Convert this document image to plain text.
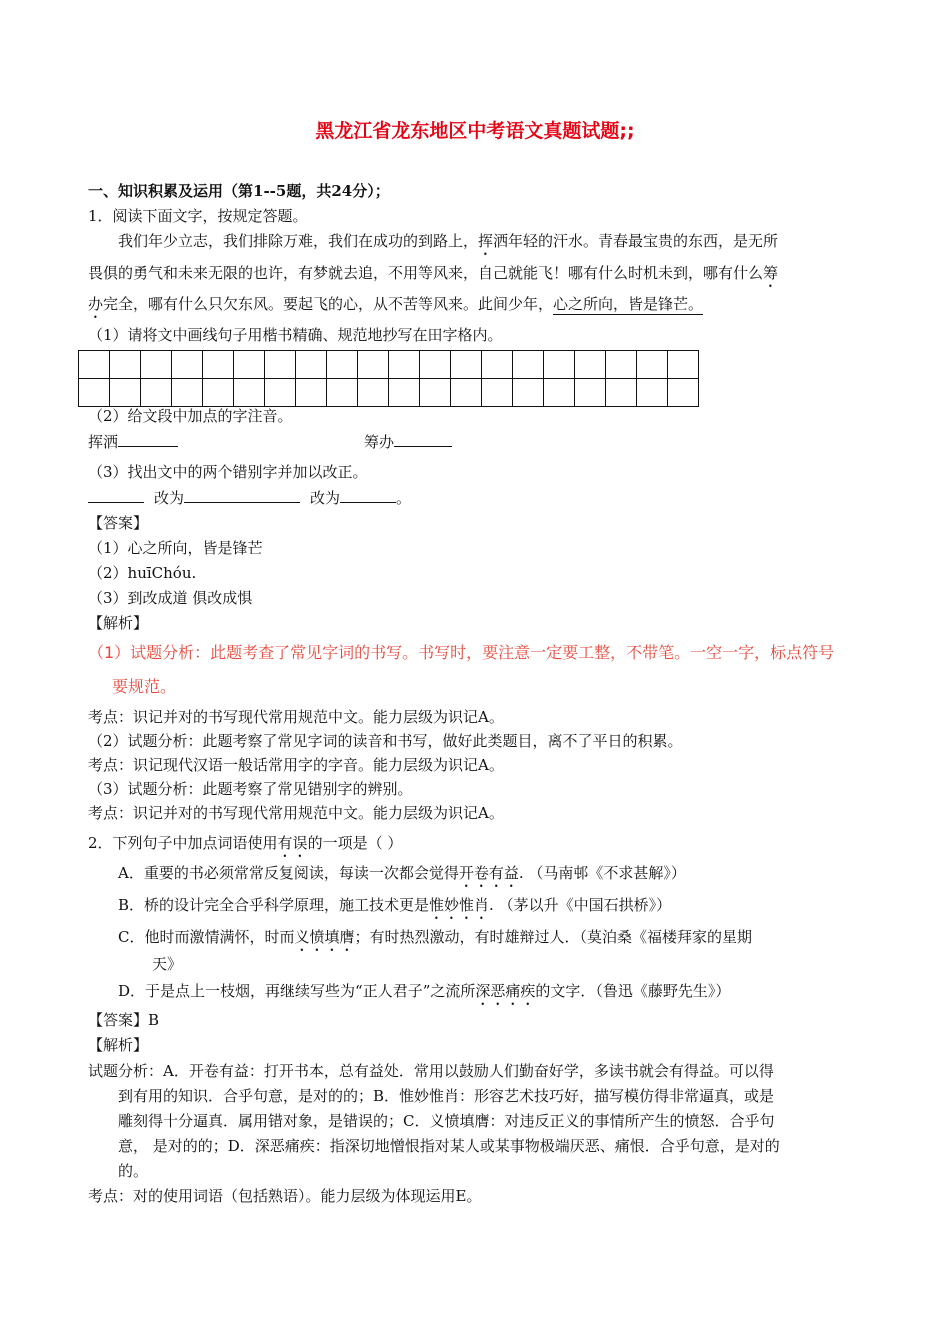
黑龙江省龙东地区中考语文真题试题;;
一、知识积累及运用（第1--5题，共24分）；
1．阅读下面文字，按规定答题。
我们年少立志，我们排除万难，我们在成功的到路上，挥洒年轻的汗水。青春最宝贵的东西，是无所
畏俱的勇气和未来无限的也许，有梦就去追，不用等风来，自己就能飞！哪有什么时机未到，哪有什么筹
办完全，哪有什么只欠东风。要起飞的心，从不苦等风来。此间少年，心之所向，皆是锋芒。
（1）请将文中画线句子用楷书精确、规范地抄写在田字格内。

（2）给文段中加点的字注音。
挥洒	筹办
（3）找出文中的两个错别字并加以改正。
改为	改为	。
【答案】
（1）心之所向，皆是锋芒
（2）huīChóu.
（3）到改成道 俱改成惧
【解析】
（1）试题分析：此题考查了常见字词的书写。书写时，要注意一定要工整，不带笔。一空一字，标点符号
要规范。
考点：识记并对的书写现代常用规范中文。能力层级为识记A。
（2）试题分析：此题考察了常见字词的读音和书写，做好此类题目，离不了平日的积累。
考点：识记现代汉语一般话常用字的字音。能力层级为识记A。
（3）试题分析：此题考察了常见错别字的辨别。
考点：识记并对的书写现代常用规范中文。能力层级为识记A。
2．下列句子中加点词语使用有误的一项是（ ）
A．重要的书必须常常反复阅读，每读一次都会觉得开卷有益. （马南邨《不求甚解》）
B．桥的设计完全合乎科学原理，施工技术更是惟妙惟肖. （茅以升《中国石拱桥》）
C．他时而激情满怀，时而义愤填膺；有时热烈激动，有时雄辩过人．（莫泊桑《福楼拜家的星期
天》
D．于是点上一枝烟，再继续写些为“正人君子”之流所深恶痛疾的文字．（鲁迅《藤野先生》）
【答案】B
【解析】
试题分析：A．开卷有益：打开书本，总有益处．常用以鼓励人们勤奋好学，多读书就会有得益。可以得
到有用的知识．合乎句意，是对的的；B．惟妙惟肖：形容艺术技巧好，描写模仿得非常逼真，或是
雕刻得十分逼真．属用错对象，是错误的；C．义愤填膺：对违反正义的事情所产生的愤怒．合乎句
意， 是对的的；D．深恶痛疾：指深切地憎恨指对某人或某事物极端厌恶、痛恨．合乎句意，是对的
的。
考点：对的使用词语（包括熟语）。能力层级为体现运用E。
